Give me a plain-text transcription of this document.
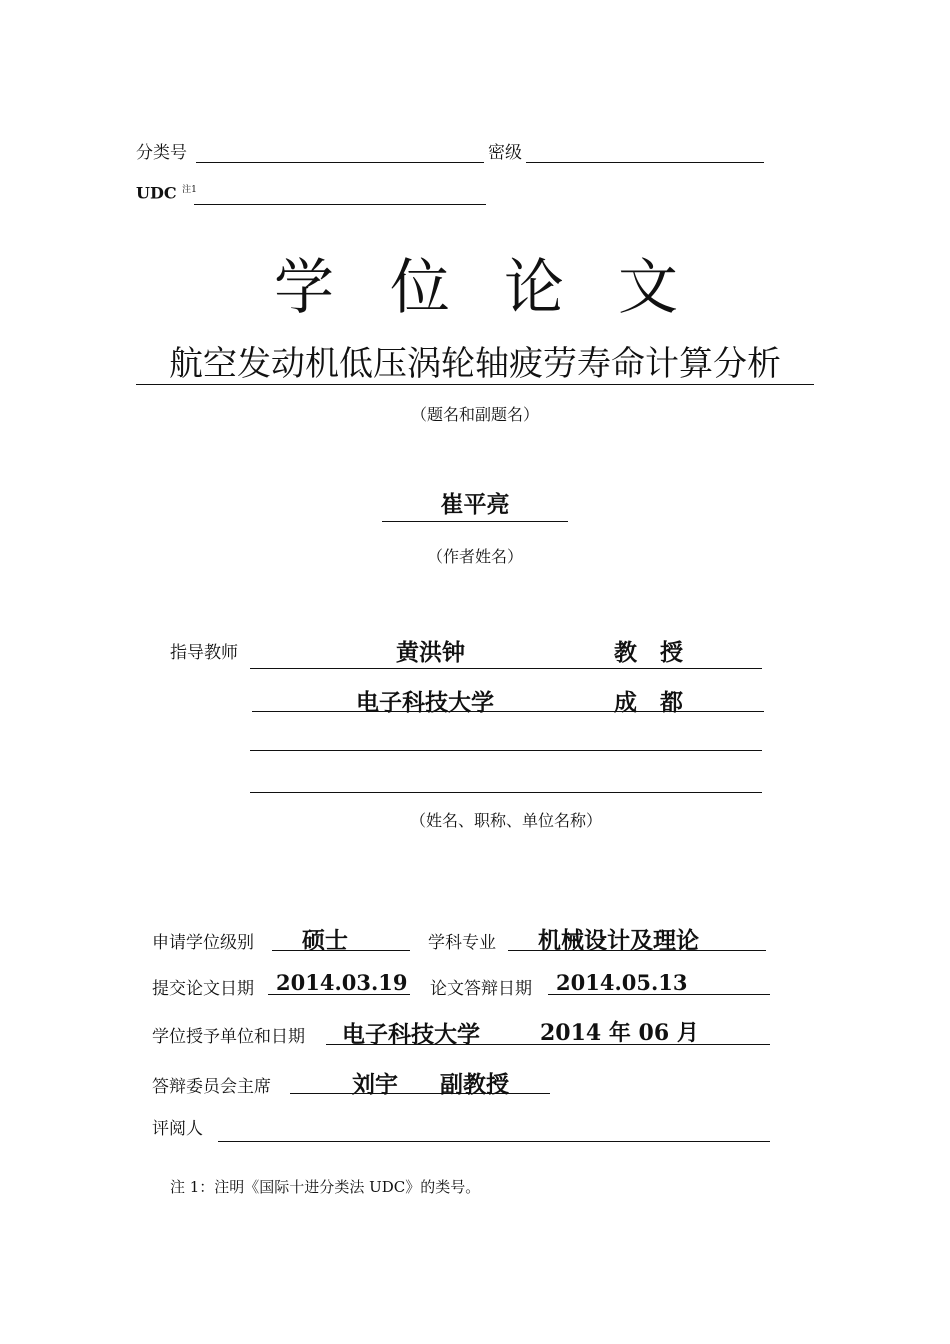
分类号	密级
UDC $^{注1}$
学 位 论 文
航空发动机低压涡轮轴疲劳寿命计算分析
（题名和副题名）
崔平亮
（作者姓名）
指导教师	黄洪钟	教　授
电子科技大学	成　都
（姓名、职称、单位名称）
申请学位级别 硕士	学科专业 机械设计及理论
提交论文日期 2014.03.19 论文答辩日期 2014.05.13
学位授予单位和日期 电子科技大学	2014 年 06 月
答辩委员会主席	刘宇 副教授
评阅人
注 1：注明《国际十进分类法 UDC》的类号。
